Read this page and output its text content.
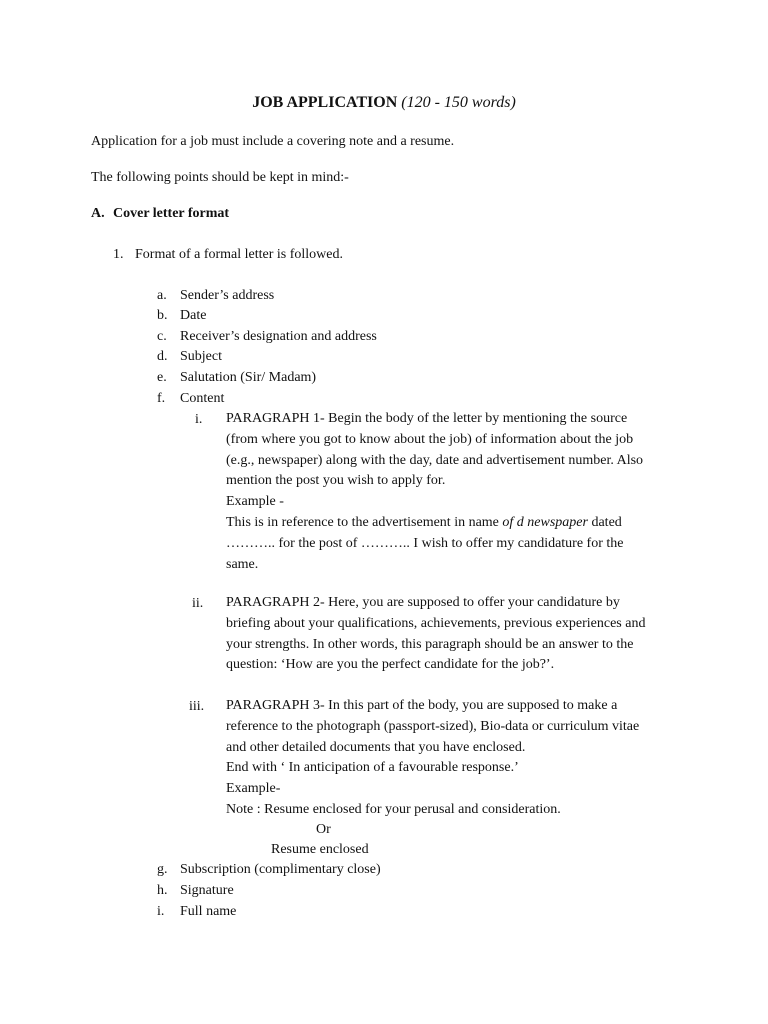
JOB APPLICATION (120 - 150 words)
Application for a job must include a covering note and a resume.
The following points should be kept in mind:-
A. Cover letter format
1. Format of a formal letter is followed.
a. Sender’s address
b. Date
c. Receiver’s designation and address
d. Subject
e. Salutation (Sir/ Madam)
f. Content
i. PARAGRAPH 1- Begin the body of the letter by mentioning the source
(from where you got to know about the job) of information about the job
(e.g., newspaper) along with the day, date and advertisement number. Also
mention the post you wish to apply for.
Example -
This is in reference to the advertisement in name of d newspaper dated
……….. for the post of ……….. I wish to offer my candidature for the
same.
ii. PARAGRAPH 2- Here, you are supposed to offer your candidature by
briefing about your qualifications, achievements, previous experiences and
your strengths. In other words, this paragraph should be an answer to the
question: ‘How are you the perfect candidate for the job?’.
iii. PARAGRAPH 3- In this part of the body, you are supposed to make a
reference to the photograph (passport-sized), Bio-data or curriculum vitae
and other detailed documents that you have enclosed.
End with ‘ In anticipation of a favourable response.’
Example-
Note : Resume enclosed for your perusal and consideration.
Or
Resume enclosed
g. Subscription (complimentary close)
h. Signature
i. Full name
